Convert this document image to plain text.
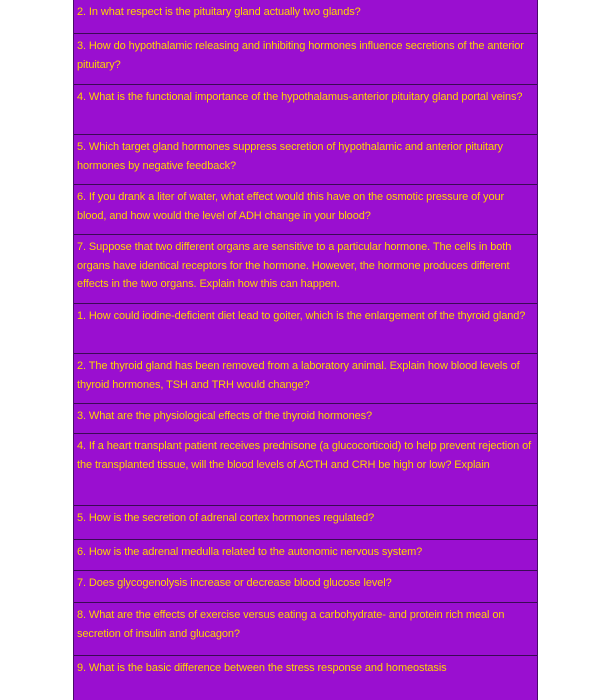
2. In what respect is the pituitary gland actually two glands?
3. How do hypothalamic releasing and inhibiting hormones influence secretions of the anterior pituitary?
4. What is the functional importance of the hypothalamus-anterior pituitary gland portal veins?
5. Which target gland hormones suppress secretion of hypothalamic and anterior pituitary hormones by negative feedback?
6. If you drank a liter of water, what effect would this have on the osmotic pressure of your blood, and how would the level of ADH change in your blood?
7. Suppose that two different organs are sensitive to a particular hormone. The cells in both organs have identical receptors for the hormone. However, the hormone produces different effects in the two organs. Explain how this can happen.
1. How could iodine-deficient diet lead to goiter, which is the enlargement of the thyroid gland?
2. The thyroid gland has been removed from a laboratory animal. Explain how blood levels of thyroid hormones, TSH and TRH would change?
3. What are the physiological effects of the thyroid hormones?
4. If a heart transplant patient receives prednisone (a glucocorticoid) to help prevent rejection of the transplanted tissue, will the blood levels of ACTH and CRH be high or low? Explain
5. How is the secretion of adrenal cortex hormones regulated?
6. How is the adrenal medulla related to the autonomic nervous system?
7. Does glycogenolysis increase or decrease blood glucose level?
8. What are the effects of exercise versus eating a carbohydrate- and protein rich meal on secretion of insulin and glucagon?
9. What is the basic difference between the stress response and homeostasis
